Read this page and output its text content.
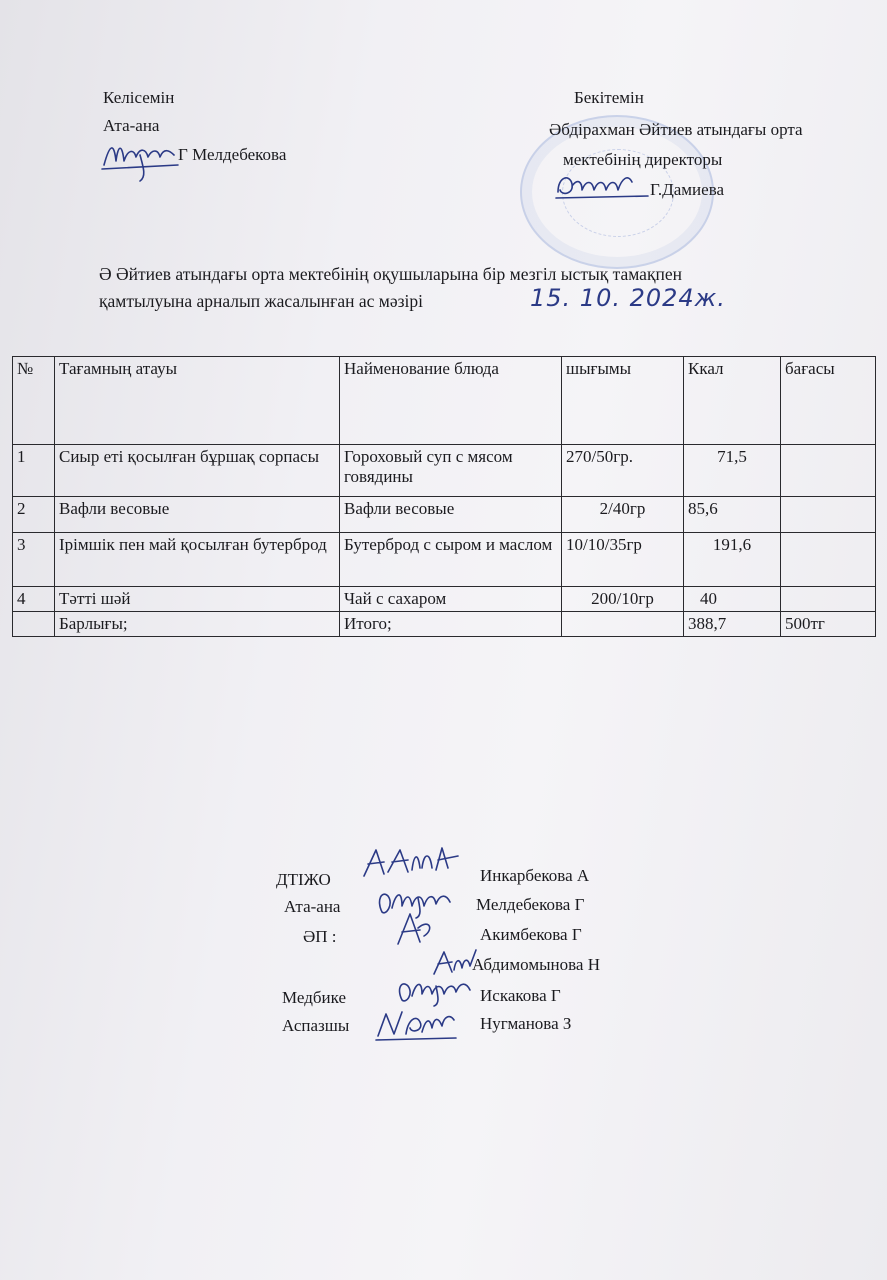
Келісемін
Ата-ана
Г Мелдебекова
Бекітемін
Әбдірахман Әйтиев атындағы орта
мектебінің директоры
Г.Дамиева
Ә Әйтиев атындағы орта мектебінің оқушыларына бір мезгіл ыстық тамақпен
қамтылуына арналып жасалынған ас мәзірі	15. 10. 2024ж.
№	Тағамның атауы	Найменование блюда	шығымы	Ккал	бағасы
1	Сиыр еті қосылған бұршақ сорпасы	Гороховый суп с мясом говядины	270/50гр.	71,5	
2	Вафли весовые	Вафли весовые	2/40гр	85,6	
3	Ірімшік пен май қосылған бутерброд	Бутерброд с сыром и маслом	10/10/35гр	191,6	
4	Тәтті шәй	Чай с сахаром	200/10гр	40	
	Барлығы;	Итого;		388,7	500тг
ДТІЖО	Инкарбекова А
Ата-ана	Мелдебекова Г
ӘП :	Акимбекова Г
Абдимомынова Н
Медбике	Искакова Г
Аспазшы	Нугманова З
